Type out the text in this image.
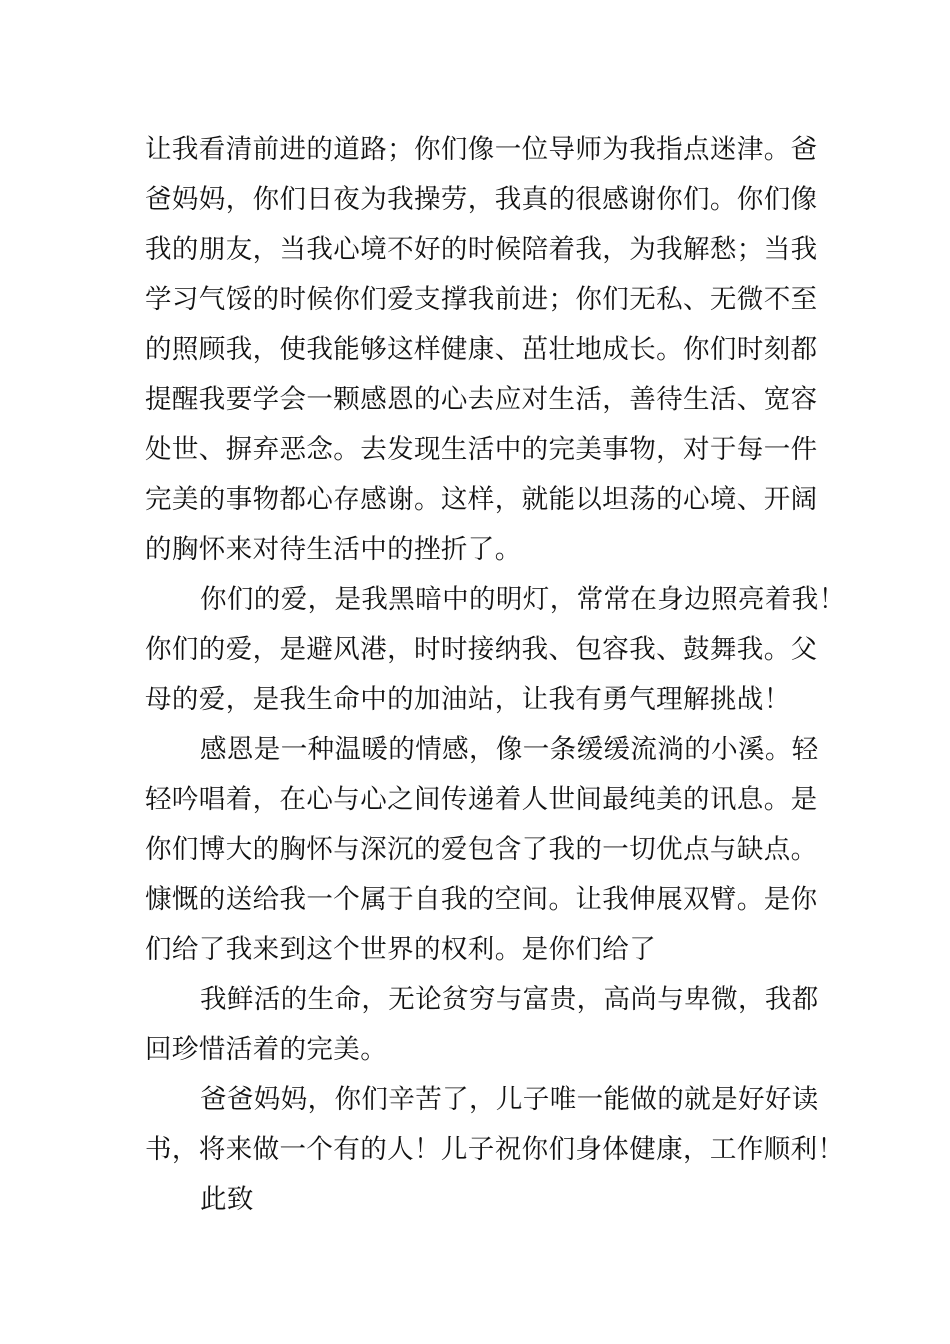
让我看清前进的道路；你们像一位导师为我指点迷津。爸
爸妈妈，你们日夜为我操劳，我真的很感谢你们。你们像
我的朋友，当我心境不好的时候陪着我，为我解愁；当我
学习气馁的时候你们爱支撑我前进；你们无私、无微不至
的照顾我，使我能够这样健康、茁壮地成长。你们时刻都
提醒我要学会一颗感恩的心去应对生活，善待生活、宽容
处世、摒弃恶念。去发现生活中的完美事物，对于每一件
完美的事物都心存感谢。这样，就能以坦荡的心境、开阔
的胸怀来对待生活中的挫折了。
你们的爱，是我黑暗中的明灯，常常在身边照亮着我！
你们的爱，是避风港，时时接纳我、包容我、鼓舞我。父
母的爱，是我生命中的加油站，让我有勇气理解挑战！
感恩是一种温暖的情感，像一条缓缓流淌的小溪。轻
轻吟唱着，在心与心之间传递着人世间最纯美的讯息。是
你们博大的胸怀与深沉的爱包含了我的一切优点与缺点。
慷慨的送给我一个属于自我的空间。让我伸展双臂。是你
们给了我来到这个世界的权利。是你们给了
我鲜活的生命，无论贫穷与富贵，高尚与卑微，我都
回珍惜活着的完美。
爸爸妈妈，你们辛苦了，儿子唯一能做的就是好好读
书，将来做一个有的人！儿子祝你们身体健康，工作顺利！
此致
